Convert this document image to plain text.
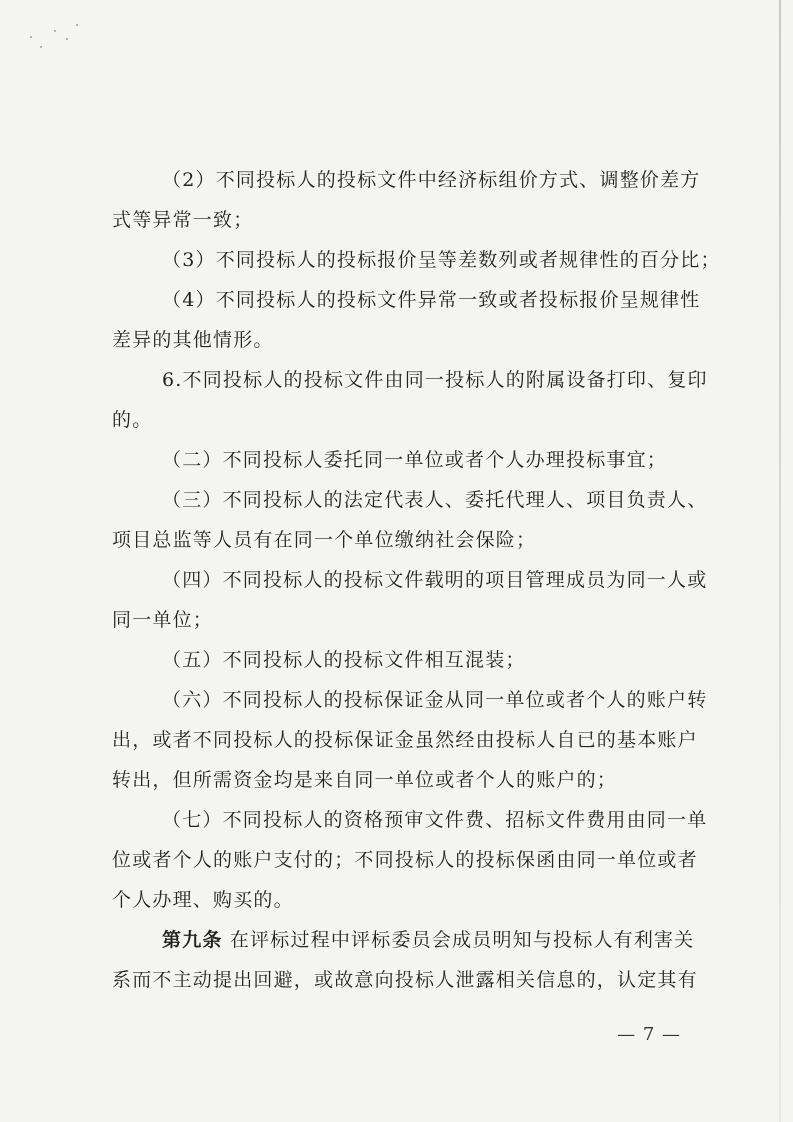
（2）不同投标人的投标文件中经济标组价方式、调整价差方
式等异常一致；
（3）不同投标人的投标报价呈等差数列或者规律性的百分比；
（4）不同投标人的投标文件异常一致或者投标报价呈规律性
差异的其他情形。
6.不同投标人的投标文件由同一投标人的附属设备打印、复印
的。
（二）不同投标人委托同一单位或者个人办理投标事宜；
（三）不同投标人的法定代表人、委托代理人、项目负责人、
项目总监等人员有在同一个单位缴纳社会保险；
（四）不同投标人的投标文件载明的项目管理成员为同一人或
同一单位；
（五）不同投标人的投标文件相互混装；
（六）不同投标人的投标保证金从同一单位或者个人的账户转
出，或者不同投标人的投标保证金虽然经由投标人自已的基本账户
转出，但所需资金均是来自同一单位或者个人的账户的；
（七）不同投标人的资格预审文件费、招标文件费用由同一单
位或者个人的账户支付的；不同投标人的投标保函由同一单位或者
个人办理、购买的。
第九条 在评标过程中评标委员会成员明知与投标人有利害关
系而不主动提出回避，或故意向投标人泄露相关信息的，认定其有
— 7 —
